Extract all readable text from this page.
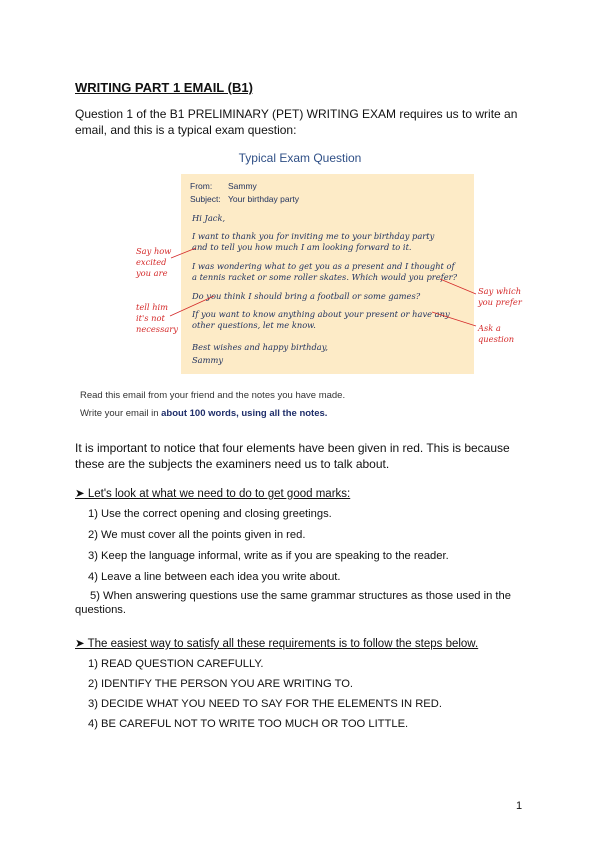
WRITING PART 1 EMAIL (B1)
Question 1 of the B1 PRELIMINARY (PET) WRITING EXAM requires us to write an email, and this is a typical exam question:
Typical Exam Question
From: Sammy
Subject: Your birthday party
Hi Jack,
I want to thank you for inviting me to your birthday party
and to tell you how much I am looking forward to it.
I was wondering what to get you as a present and I thought of
a tennis racket or some roller skates. Which would you prefer?
Do you think I should bring a football or some games?
If you want to know anything about your present or have any
other questions, let me know.
Best wishes and happy birthday,
Sammy
Say how
excited
you are
tell him
it's not
necessary
Say which
you prefer
Ask a
question
Read this email from your friend and the notes you have made.
Write your email in about 100 words, using all the notes.
It is important to notice that four elements have been given in red. This is because these are the subjects the examiners need us to talk about.
➤ Let's look at what we need to do to get good marks:
1) Use the correct opening and closing greetings.
2) We must cover all the points given in red.
3) Keep the language informal, write as if you are speaking to the reader.
4) Leave a line between each idea you write about.
5) When answering questions use the same grammar structures as those used in the questions.
➤ The easiest way to satisfy all these requirements is to follow the steps below.
1) READ QUESTION CAREFULLY.
2) IDENTIFY THE PERSON YOU ARE WRITING TO.
3) DECIDE WHAT YOU NEED TO SAY FOR THE ELEMENTS IN RED.
4) BE CAREFUL NOT TO WRITE TOO MUCH OR TOO LITTLE.
1
